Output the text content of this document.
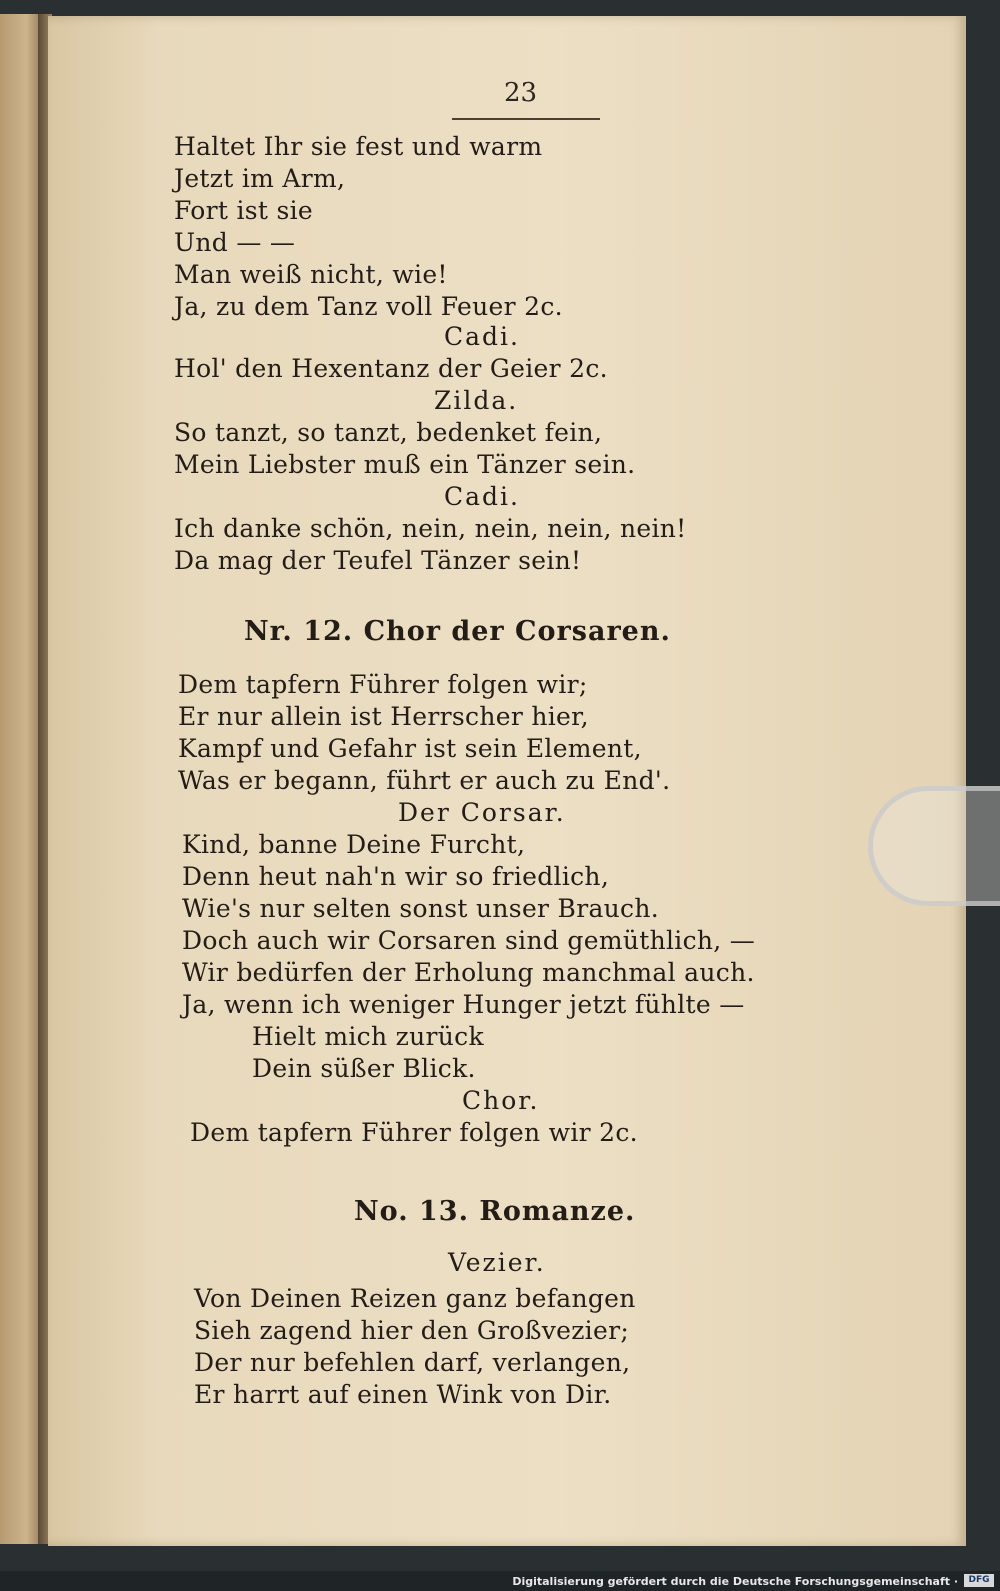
23
Haltet Ihr sie fest und warm
Jetzt im Arm,
Fort ist sie
Und — —
Man weiß nicht, wie!
Ja, zu dem Tanz voll Feuer 2c.
Cadi.
Hol' den Hexentanz der Geier 2c.
Zilda.
So tanzt, so tanzt, bedenket fein,
Mein Liebster muß ein Tänzer sein.
Cadi.
Ich danke schön, nein, nein, nein, nein!
Da mag der Teufel Tänzer sein!
Nr. 12. Chor der Corsaren.
Dem tapfern Führer folgen wir;
Er nur allein ist Herrscher hier,
Kampf und Gefahr ist sein Element,
Was er begann, führt er auch zu End'.
Der Corsar.
Kind, banne Deine Furcht,
Denn heut nah'n wir so friedlich,
Wie's nur selten sonst unser Brauch.
Doch auch wir Corsaren sind gemüthlich, —
Wir bedürfen der Erholung manchmal auch.
Ja, wenn ich weniger Hunger jetzt fühlte —
Hielt mich zurück
Dein süßer Blick.
Chor.
Dem tapfern Führer folgen wir 2c.
No. 13. Romanze.
Vezier.
Von Deinen Reizen ganz befangen
Sieh zagend hier den Großvezier;
Der nur befehlen darf, verlangen,
Er harrt auf einen Wink von Dir.
Digitalisierung gefördert durch die Deutsche Forschungsgemeinschaft ·	DFG
